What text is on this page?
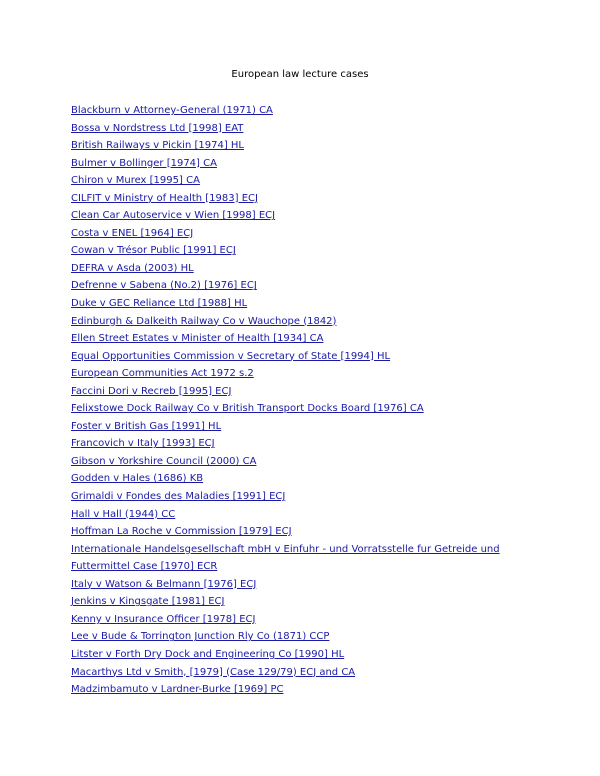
European law lecture cases
Blackburn v Attorney-General (1971) CA
Bossa v Nordstress Ltd [1998] EAT
British Railways v Pickin [1974] HL
Bulmer v Bollinger [1974] CA
Chiron v Murex [1995] CA
CILFIT v Ministry of Health [1983] ECJ
Clean Car Autoservice v Wien [1998] ECJ
Costa v ENEL [1964] ECJ
Cowan v Trésor Public [1991] ECJ
DEFRA v Asda (2003) HL
Defrenne v Sabena (No.2) [1976] ECJ
Duke v GEC Reliance Ltd [1988] HL
Edinburgh & Dalkeith Railway Co v Wauchope (1842)
Ellen Street Estates v Minister of Health [1934] CA
Equal Opportunities Commission v Secretary of State [1994] HL
European Communities Act 1972 s.2
Faccini Dori v Recreb [1995] ECJ
Felixstowe Dock Railway Co v British Transport Docks Board [1976] CA
Foster v British Gas [1991] HL
Francovich v Italy [1993] ECJ
Gibson v Yorkshire Council (2000) CA
Godden v Hales (1686) KB
Grimaldi v Fondes des Maladies [1991] ECJ
Hall v Hall (1944) CC
Hoffman La Roche v Commission [1979] ECJ
Internationale Handelsgesellschaft mbH v Einfuhr - und Vorratsstelle fur Getreide und
Futtermittel Case [1970] ECR
Italy v Watson & Belmann [1976] ECJ
Jenkins v Kingsgate [1981] ECJ
Kenny v Insurance Officer [1978] ECJ
Lee v Bude & Torrington Junction Rly Co (1871) CCP
Litster v Forth Dry Dock and Engineering Co [1990] HL
Macarthys Ltd v Smith, [1979] (Case 129/79) ECJ and CA
Madzimbamuto v Lardner-Burke [1969] PC
